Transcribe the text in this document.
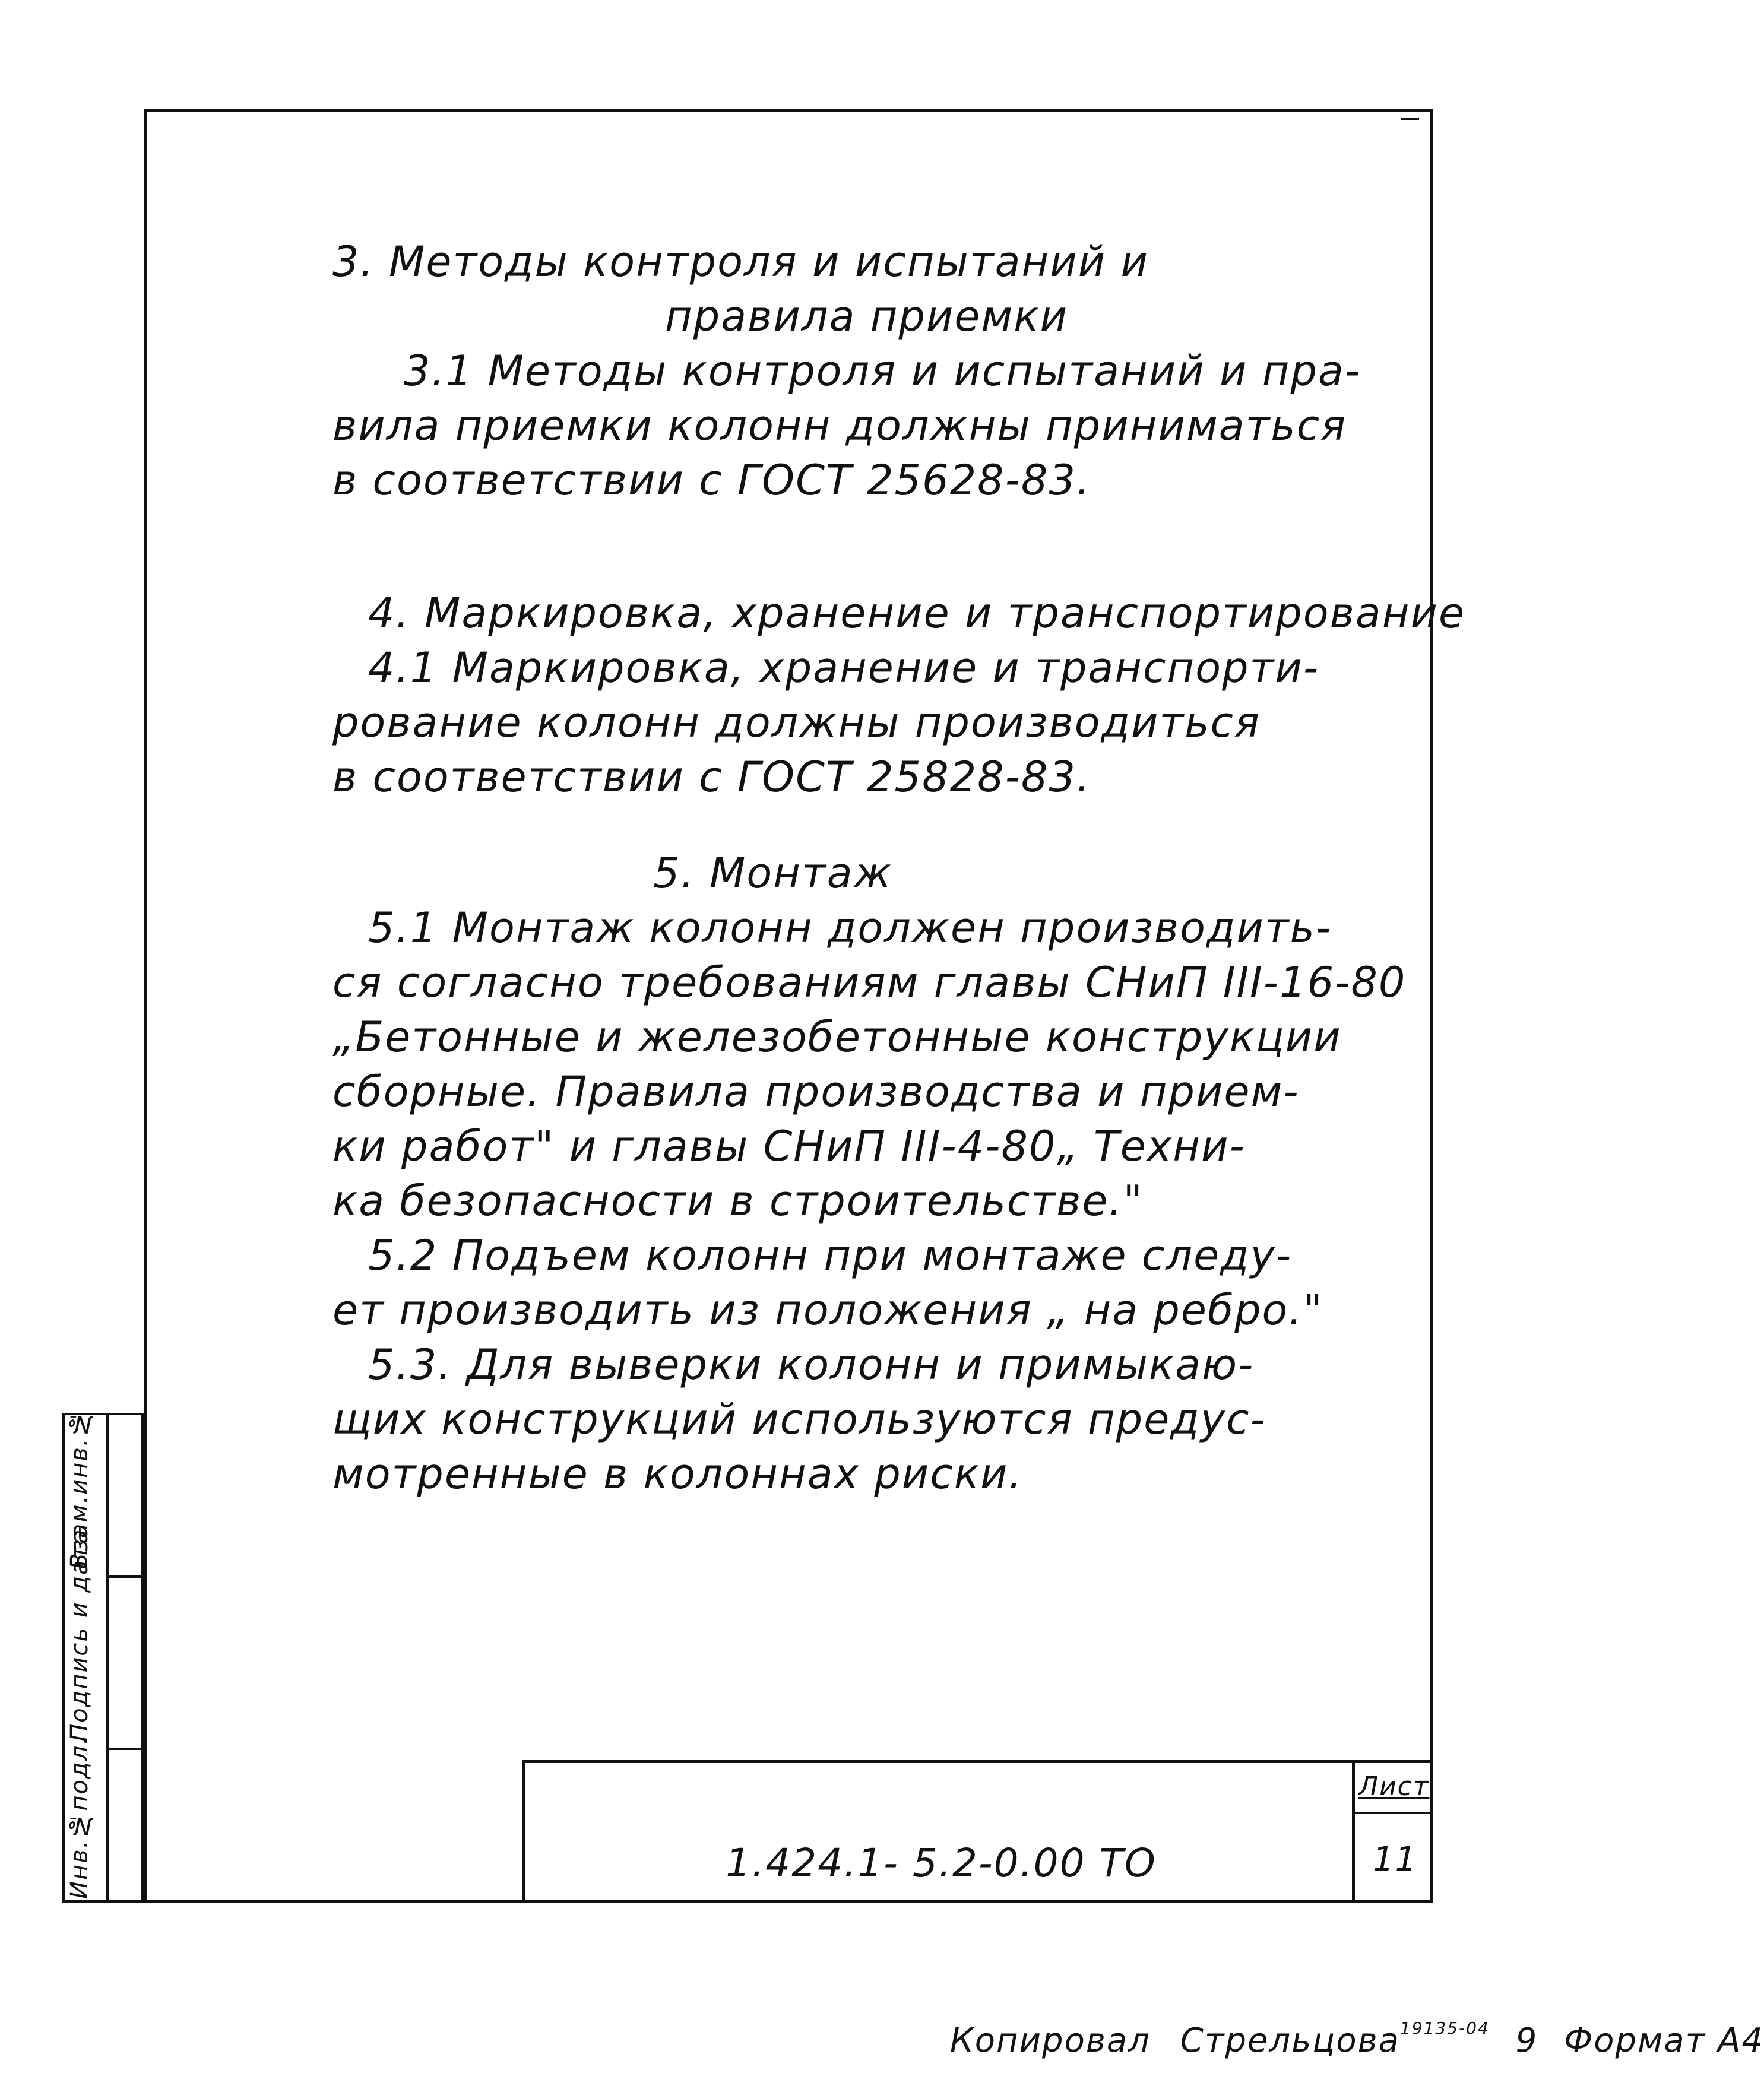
3. Методы контроля и испытаний и

правила приемки

3.1 Методы контроля и испытаний и пра-

вила приемки колонн должны приниматься

в соответствии с ГОСТ 25628-83.

4. Маркировка, хранение и транспортирование

4.1 Маркировка, хранение и транспорти-

рование колонн должны производиться

в соответствии с ГОСТ 25828-83.

5. Монтаж

5.1 Монтаж колонн должен производить-

ся согласно требованиям главы СНиП III-16-80

„Бетонные и железобетонные конструкции

сборные. Правила производства и прием-

ки работ" и главы СНиП III-4-80„ Техни-

ка безопасности в строительстве."

5.2 Подъем колонн при монтаже следу-

ет производить из положения „ на ребро."

5.3. Для выверки колонн и примыкаю-

щих конструкций используются предус-

мотренные в колоннах риски.

Взам.инв.№
Подпись и дата
Инв.№подл.	1.424.1- 5.2-0.00 ТО
Лист
11
Копировал Стрельцова$^{19135-04}$ 9 Формат А4
